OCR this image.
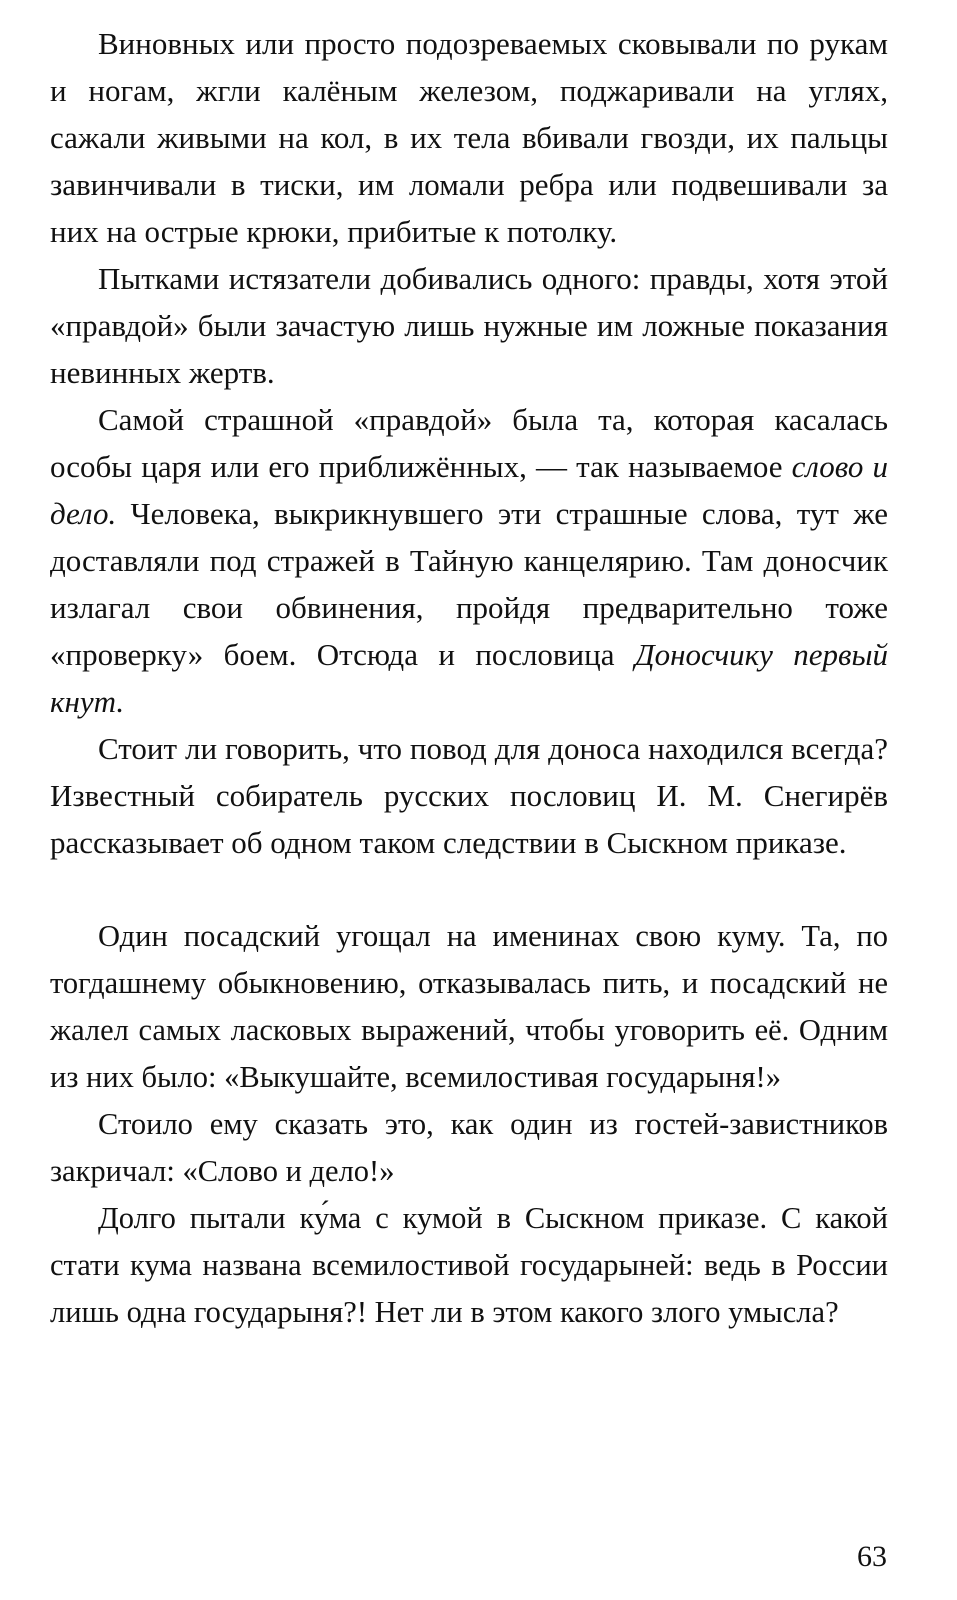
Виновных или просто подозреваемых сковывали по рукам и ногам, жгли калёным железом, поджаривали на углях, сажали живыми на кол, в их тела вбивали гвозди, их пальцы завинчивали в тиски, им ломали ребра или подвешивали за них на острые крюки, прибитые к потолку.

Пытками истязатели добивались одного: правды, хотя этой «правдой» были зачастую лишь нужные им ложные показания невинных жертв.

Самой страшной «правдой» была та, которая касалась особы царя или его приближённых, — так называемое слово и дело. Человека, выкрикнувшего эти страшные слова, тут же доставляли под стражей в Тайную канцелярию. Там доносчик излагал свои обвинения, пройдя предварительно тоже «проверку» боем. Отсюда и пословица Доносчику первый кнут.

Стоит ли говорить, что повод для доноса находился всегда? Известный собиратель русских пословиц И. М. Снегирёв рассказывает об одном таком следствии в Сыскном приказе.

Один посадский угощал на именинах свою куму. Та, по тогдашнему обыкновению, отказывалась пить, и посадский не жалел самых ласковых выражений, чтобы уговорить её. Одним из них было: «Выкушайте, всемилостивая государыня!»

Стоило ему сказать это, как один из гостей-завистников закричал: «Слово и дело!»

Долго пытали ку́ма с кумой в Сыскном приказе. С какой стати кума названа всемилостивой государыней: ведь в России лишь одна государыня?! Нет ли в этом какого злого умысла?

63
